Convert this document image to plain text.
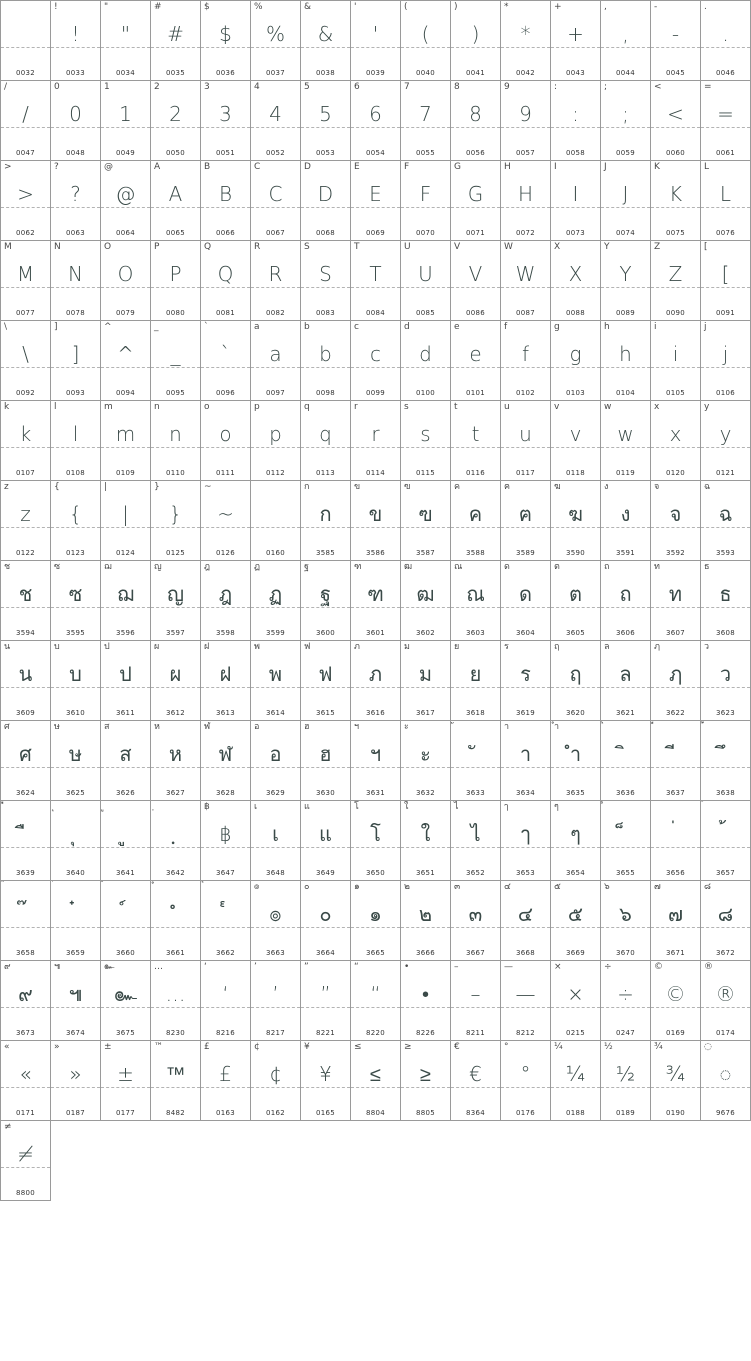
0032
!
!
0033
"
"
0034
#
#
0035
$
$
0036
%
%
0037
&
&
0038
'
'
0039
(
(
0040
)
)
0041
*
*
0042
+
+
0043
,
,
0044
-
-
0045
.
.
0046
/
/
0047
0
0
0048
1
1
0049
2
2
0050
3
3
0051
4
4
0052
5
5
0053
6
6
0054
7
7
0055
8
8
0056
9
9
0057
:
:
0058
;
;
0059
<
<
0060
=
=
0061
>
>
0062
?
?
0063
@
@
0064
A
A
0065
B
B
0066
C
C
0067
D
D
0068
E
E
0069
F
F
0070
G
G
0071
H
H
0072
I
I
0073
J
J
0074
K
K
0075
L
L
0076
M
M
0077
N
N
0078
O
O
0079
P
P
0080
Q
Q
0081
R
R
0082
S
S
0083
T
T
0084
U
U
0085
V
V
0086
W
W
0087
X
X
0088
Y
Y
0089
Z
Z
0090
[
[
0091
\
\
0092
]
]
0093
^
^
0094
_
_
0095
`
`
0096
a
a
0097
b
b
0098
c
c
0099
d
d
0100
e
e
0101
f
f
0102
g
g
0103
h
h
0104
i
i
0105
j
j
0106
k
k
0107
l
l
0108
m
m
0109
n
n
0110
o
o
0111
p
p
0112
q
q
0113
r
r
0114
s
s
0115
t
t
0116
u
u
0117
v
v
0118
w
w
0119
x
x
0120
y
y
0121
z
z
0122
{
{
0123
|
|
0124
}
}
0125
~
~
0126	0160
ก
ก
3585
ข
ข
3586
ฃ
ฃ
3587
ค
ค
3588
ฅ
ฅ
3589
ฆ
ฆ
3590
ง
ง
3591
จ
จ
3592
ฉ
ฉ
3593
ช
ช
3594
ซ
ซ
3595
ฌ
ฌ
3596
ญ
ญ
3597
ฎ
ฎ
3598
ฏ
ฏ
3599
ฐ
ฐ
3600
ฑ
ฑ
3601
ฒ
ฒ
3602
ณ
ณ
3603
ด
ด
3604
ต
ต
3605
ถ
ถ
3606
ท
ท
3607
ธ
ธ
3608
น
น
3609
บ
บ
3610
ป
ป
3611
ผ
ผ
3612
ฝ
ฝ
3613
พ
พ
3614
ฟ
ฟ
3615
ภ
ภ
3616
ม
ม
3617
ย
ย
3618
ร
ร
3619
ฤ
ฤ
3620
ล
ล
3621
ฦ
ฦ
3622
ว
ว
3623
ศ
ศ
3624
ษ
ษ
3625
ส
ส
3626
ห
ห
3627
ฬ
ฬ
3628
อ
อ
3629
ฮ
ฮ
3630
ฯ
ฯ
3631
ะ
ะ
3632	3633
า
า
3634
ำ
ำ
3635	3636	3637	3638
3639	3640	3641	3642
฿
฿
3647
เ
เ
3648
แ
แ
3649
โ
โ
3650
ใ
ใ
3651
ไ
ไ
3652
ๅ
ๅ
3653
ๆ
ๆ
3654	3655	3656	3657
3658	3659	3660	3661	3662
๏
๏
3663
๐
๐
3664
๑
๑
3665
๒
๒
3666
๓
๓
3667
๔
๔
3668
๕
๕
3669
๖
๖
3670
๗
๗
3671
๘
๘
3672
๙
๙
3673
๚
๚
3674
๛
๛
3675
…
…
8230
‘
‘
8216
’
’
8217
”
”
8221
“
“
8220
•
•
8226
–
–
8211
—
—
8212
×
×
0215
÷
÷
0247
©
©
0169
®
®
0174
«
«
0171
»
»
0187
±
±
0177
™
™
8482
£
£
0163
¢
¢
0162
¥
¥
0165
≤
≤
8804
≥
≥
8805
€
€
8364
°
°
0176
¼
¼
0188
½
½
0189
¾
¾
0190
◌
◌
9676
≠
≠
8800
